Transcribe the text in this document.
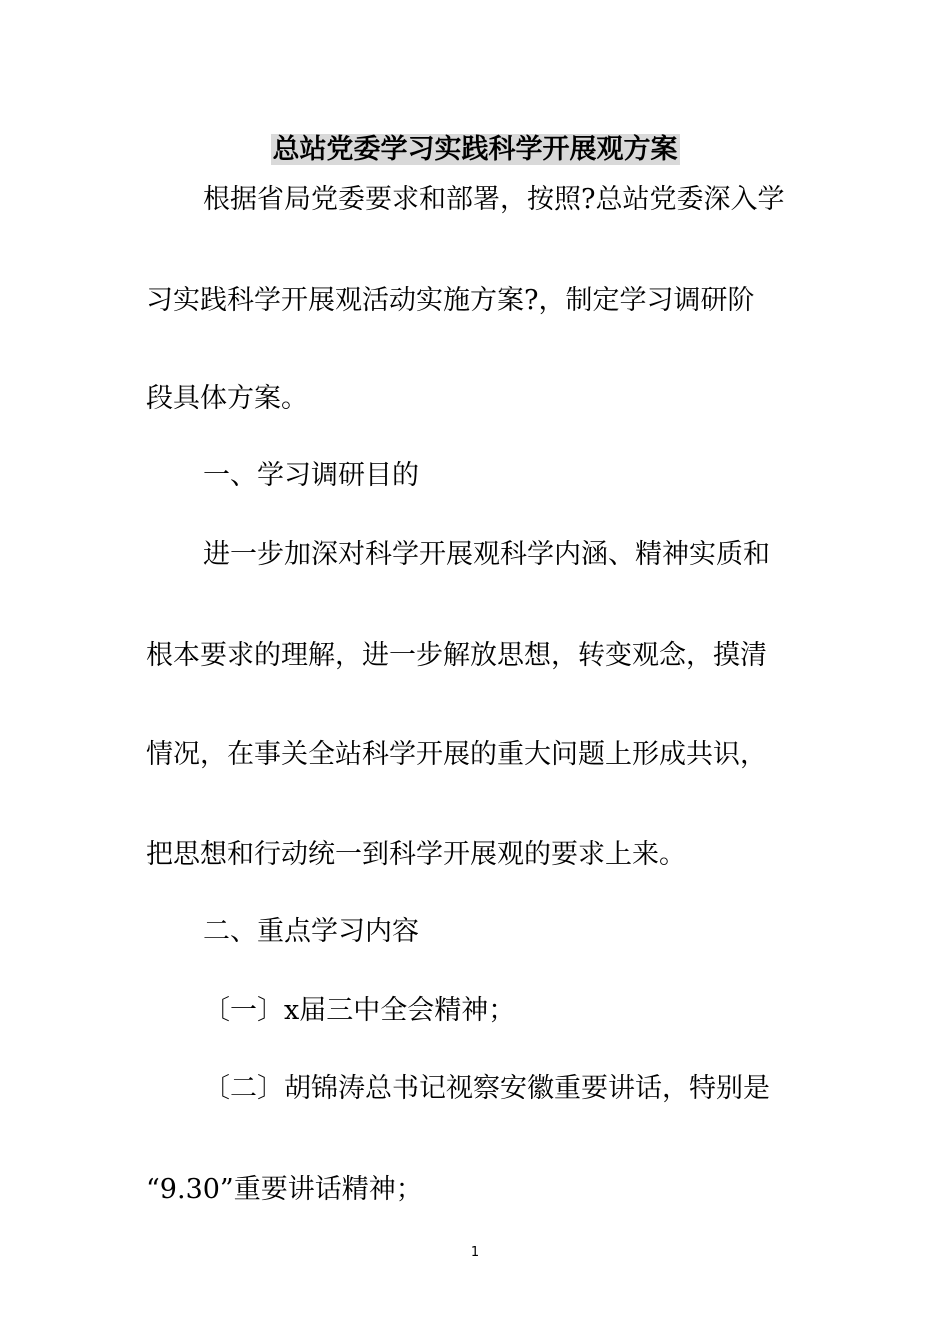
总站党委学习实践科学开展观方案
根据省局党委要求和部署，按照?总站党委深入学
习实践科学开展观活动实施方案?，制定学习调研阶
段具体方案。
一、学习调研目的
进一步加深对科学开展观科学内涵、精神实质和
根本要求的理解，进一步解放思想，转变观念，摸清
情况，在事关全站科学开展的重大问题上形成共识，
把思想和行动统一到科学开展观的要求上来。
二、重点学习内容
〔一〕x届三中全会精神；
〔二〕胡锦涛总书记视察安徽重要讲话，特别是
“9.30”重要讲话精神；
1
